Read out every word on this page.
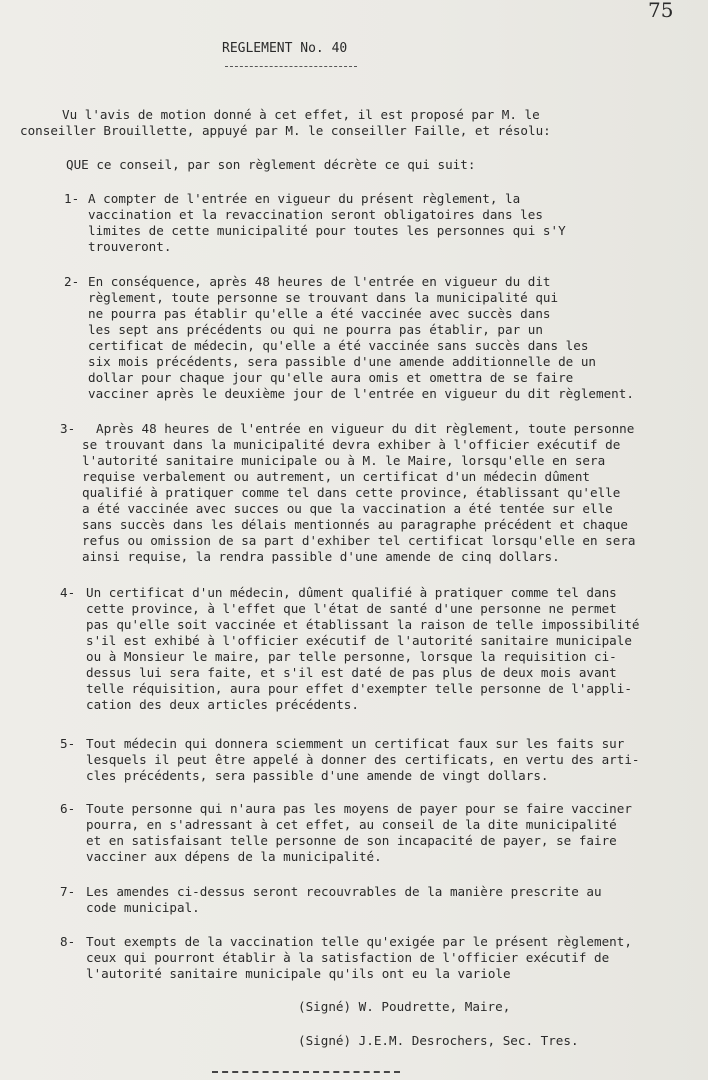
75
REGLEMENT No. 40
Vu l'avis de motion donné à cet effet, il est proposé par M. le
conseiller Brouillette, appuyé par M. le conseiller Faille, et résolu:
QUE ce conseil, par son règlement décrète ce qui suit:
1- A compter de l'entrée en vigueur du présent règlement, la
vaccination et la revaccination seront obligatoires dans les
limites de cette municipalité pour toutes les personnes qui s'Y
trouveront.
2- En conséquence, après 48 heures de l'entrée en vigueur du dit
règlement, toute personne se trouvant dans la municipalité qui
ne pourra pas établir qu'elle a été vaccinée avec succès dans
les sept ans précédents ou qui ne pourra pas établir, par un
certificat de médecin, qu'elle a été vaccinée sans succès dans les
six mois précédents, sera passible d'une amende additionnelle de un
dollar pour chaque jour qu'elle aura omis et omettra de se faire
vacciner après le deuxième jour de l'entrée en vigueur du dit règlement.
3- Après 48 heures de l'entrée en vigueur du dit règlement, toute personne
se trouvant dans la municipalité devra exhiber à l'officier exécutif de
l'autorité sanitaire municipale ou à M. le Maire, lorsqu'elle en sera
requise verbalement ou autrement, un certificat d'un médecin dûment
qualifié à pratiquer comme tel dans cette province, établissant qu'elle
a été vaccinée avec succes ou que la vaccination a été tentée sur elle
sans succès dans les délais mentionnés au paragraphe précédent et chaque
refus ou omission de sa part d'exhiber tel certificat lorsqu'elle en sera
ainsi requise, la rendra passible d'une amende de cinq dollars.
4- Un certificat d'un médecin, dûment qualifié à pratiquer comme tel dans
cette province, à l'effet que l'état de santé d'une personne ne permet
pas qu'elle soit vaccinée et établissant la raison de telle impossibilité
s'il est exhibé à l'officier exécutif de l'autorité sanitaire municipale
ou à Monsieur le maire, par telle personne, lorsque la requisition ci-
dessus lui sera faite, et s'il est daté de pas plus de deux mois avant
telle réquisition, aura pour effet d'exempter telle personne de l'appli-
cation des deux articles précédents.
5- Tout médecin qui donnera sciemment un certificat faux sur les faits sur
lesquels il peut être appelé à donner des certificats, en vertu des arti-
cles précédents, sera passible d'une amende de vingt dollars.
6- Toute personne qui n'aura pas les moyens de payer pour se faire vacciner
pourra, en s'adressant à cet effet, au conseil de la dite municipalité
et en satisfaisant telle personne de son incapacité de payer, se faire
vacciner aux dépens de la municipalité.
7- Les amendes ci-dessus seront recouvrables de la manière prescrite au
code municipal.
8- Tout exempts de la vaccination telle qu'exigée par le présent règlement,
ceux qui pourront établir à la satisfaction de l'officier exécutif de
l'autorité sanitaire municipale qu'ils ont eu la variole
(Signé) W. Poudrette, Maire,
(Signé) J.E.M. Desrochers, Sec. Tres.
